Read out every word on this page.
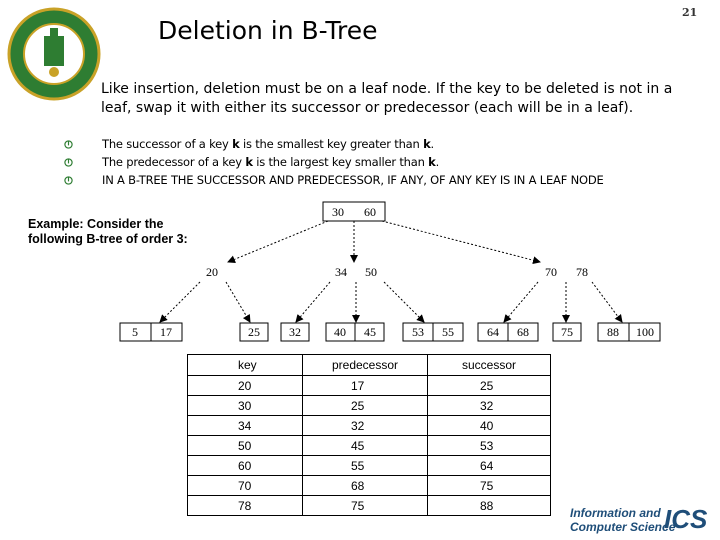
Deletion in B-Tree
21
Like insertion, deletion must be on a leaf node. If the key to be deleted is not in a leaf, swap it with either its successor or predecessor (each will be in a leaf).
The successor of a key k is the smallest key greater than k.
The predecessor of a key k is the largest key smaller than k.
IN A B-TREE THE SUCCESSOR AND PREDECESSOR, IF ANY, OF ANY KEY IS IN A LEAF NODE
Example: Consider the
following B-tree of order 3:
30 60
20	34 50	70 78
5 17	25 32	40 45	53 55	64 68	75	88 100
key	predecessor	successor
20	17	25
30	25	32
34	32	40
50	45	53
60	55	64
70	68	75
78	75	88
Information and
Computer Science
ICS
